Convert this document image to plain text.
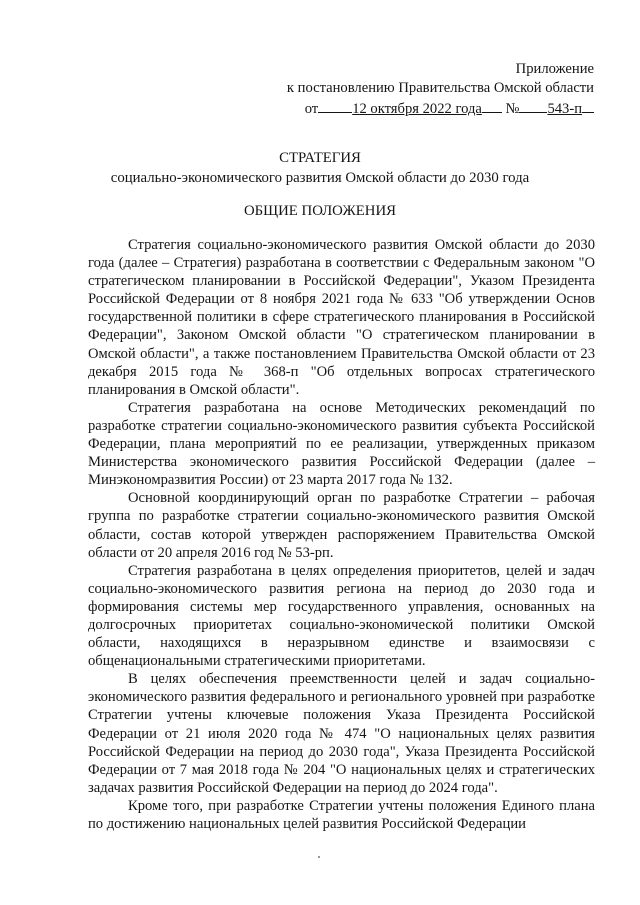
Приложение
к постановлению Правительства Омской области
от 12 октября 2022 года № 543-п
СТРАТЕГИЯ
социально-экономического развития Омской области до 2030 года
ОБЩИЕ ПОЛОЖЕНИЯ

Стратегия социально-экономического развития Омской области до 2030 года (далее – Стратегия) разработана в соответствии с Федеральным законом "О стратегическом планировании в Российской Федерации", Указом Президента Российской Федерации от 8 ноября 2021 года № 633 "Об утверждении Основ государственной политики в сфере стратегического планирования в Российской Федерации", Законом Омской области "О стратегическом планировании в Омской области", а также постановлением Правительства Омской области от 23 декабря 2015 года № 368-п "Об отдельных вопросах стратегического планирования в Омской области".

Стратегия разработана на основе Методических рекомендаций по разработке стратегии социально-экономического развития субъекта Российской Федерации, плана мероприятий по ее реализации, утвержденных приказом Министерства экономического развития Российской Федерации (далее – Минэкономразвития России) от 23 марта 2017 года № 132.

Основной координирующий орган по разработке Стратегии – рабочая группа по разработке стратегии социально-экономического развития Омской области, состав которой утвержден распоряжением Правительства Омской области от 20 апреля 2016 год № 53-рп.

Стратегия разработана в целях определения приоритетов, целей и задач социально-экономического развития региона на период до 2030 года и формирования системы мер государственного управления, основанных на долгосрочных приоритетах социально-экономической политики Омской области, находящихся в неразрывном единстве и взаимосвязи с общенациональными стратегическими приоритетами.

В целях обеспечения преемственности целей и задач социально-экономического развития федерального и регионального уровней при разработке Стратегии учтены ключевые положения Указа Президента Российской Федерации от 21 июля 2020 года № 474 "О национальных целях развития Российской Федерации на период до 2030 года", Указа Президента Российской Федерации от 7 мая 2018 года № 204 "О национальных целях и стратегических задачах развития Российской Федерации на период до 2024 года".

Кроме того, при разработке Стратегии учтены положения Единого плана по достижению национальных целей развития Российской Федерации
